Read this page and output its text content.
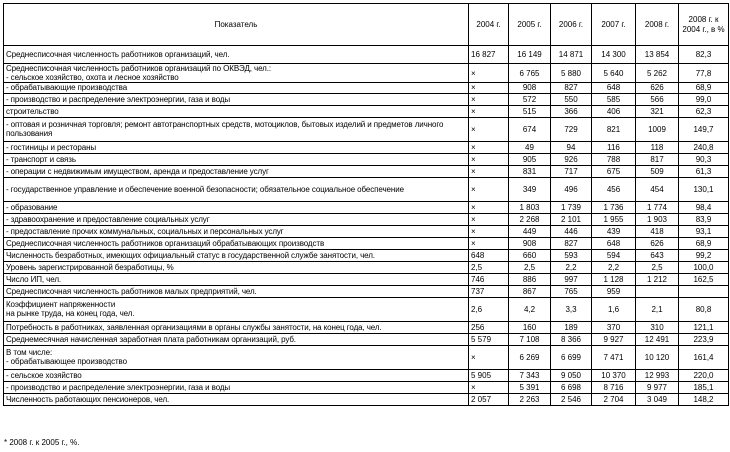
Показатель	2004 г.	2005 г.	2006 г.	2007 г.	2008 г.	2008 г. к 2004 г., в %
Среднесписочная численность работников организаций, чел.	16 827	16 149	14 871	14 300	13 854	82,3
Среднесписочная численность работников организаций по ОКВЭД, чел.:
- сельское хозяйство, охота и лесное хозяйство	×	6 765	5 880	5 640	5 262	77,8
- обрабатывающие производства	×	908	827	648	626	68,9
- производство и распределение электроэнергии, газа и воды	×	572	550	585	566	99,0
строительство	×	515	366	406	321	62,3
- оптовая и розничная торговля; ремонт автотранспортных средств, мотоциклов, бытовых изделий и предметов личного пользования	×	674	729	821	1009	149,7
- гостиницы и рестораны	×	49	94	116	118	240,8
- транспорт и связь	×	905	926	788	817	90,3
- операции с недвижимым имуществом, аренда и предоставление услуг	×	831	717	675	509	61,3
- государственное управление и обеспечение военной безопасности; обязательное социальное обеспечение	×	349	496	456	454	130,1
- образование	×	1 803	1 739	1 736	1 774	98,4
- здравоохранение и предоставление социальных услуг	×	2 268	2 101	1 955	1 903	83,9
- предоставление прочих коммунальных, социальных и персональных услуг	×	449	446	439	418	93,1
Среднесписочная численность работников организаций обрабатывающих производств	×	908	827	648	626	68,9
Численность безработных, имеющих официальный статус в государственной службе занятости, чел.	648	660	593	594	643	99,2
Уровень зарегистрированной безработицы, %	2,5	2,5	2,2	2,2	2,5	100,0
Число ИП, чел.	746	886	997	1 128	1 212	162,5
Среднесписочная численность работников малых предприятий, чел.	737	867	765	959		
Коэффициент напряженности
на рынке труда, на конец года, чел.	2,6	4,2	3,3	1,6	2,1	80,8
Потребность в работниках, заявленная организациями в органы службы занятости, на конец года, чел.	256	160	189	370	310	121,1
Среднемесячная начисленная заработная плата работникам организаций, руб.	5 579	7 108	8 366	9 927	12 491	223,9
В том числе:
- обрабатывающее производство	×	6 269	6 699	7 471	10 120	161,4
- сельское хозяйство	5 905	7 343	9 050	10 370	12 993	220,0
- производство и распределение электроэнергии, газа и воды	×	5 391	6 698	8 716	9 977	185,1
Численность работающих пенсионеров, чел.	2 057	2 263	2 546	2 704	3 049	148,2
* 2008 г. к 2005 г., %.
